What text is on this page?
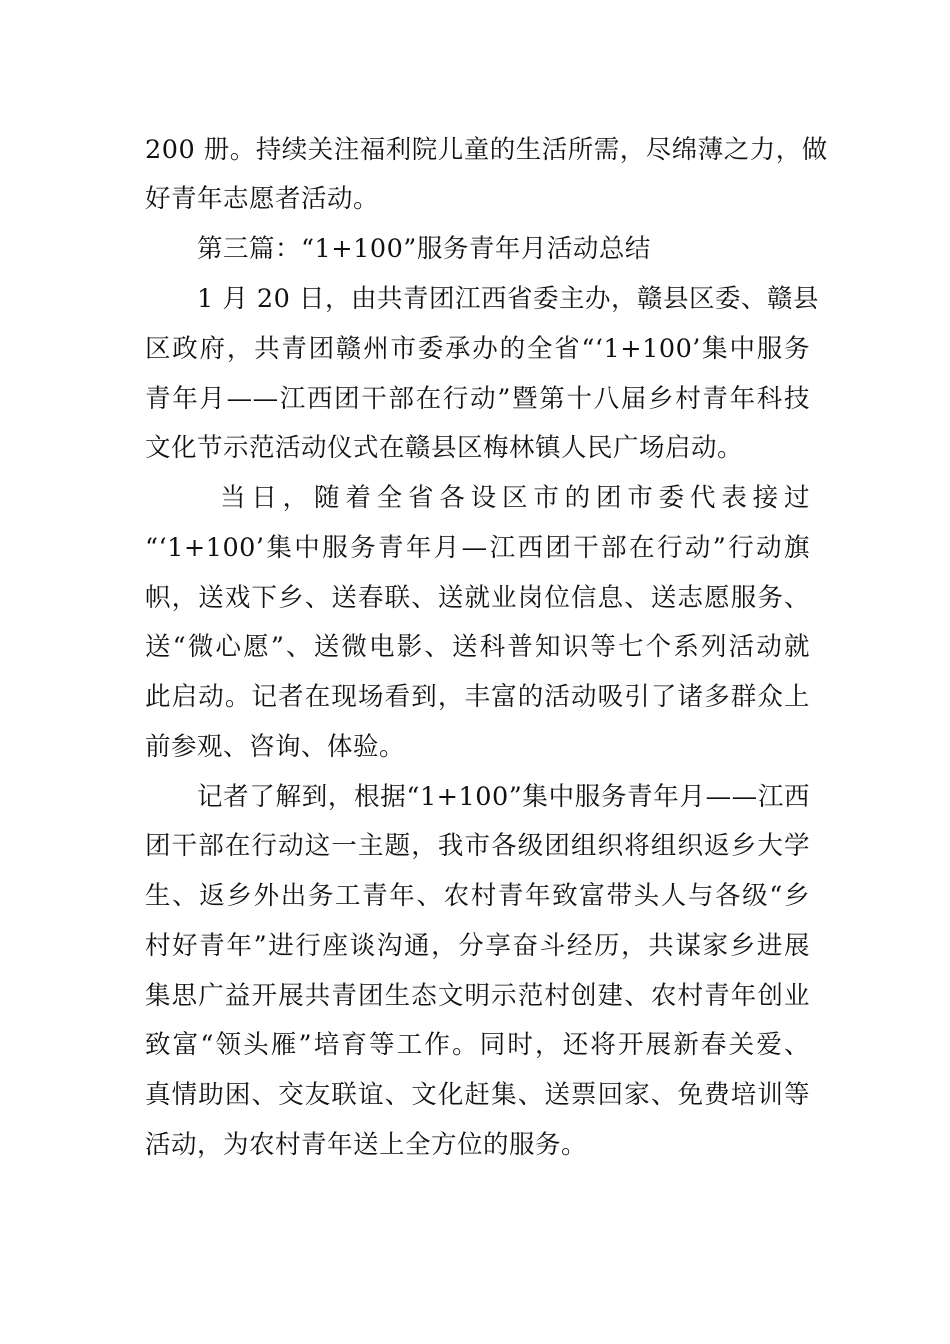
200 册。持续关注福利院儿童的生活所需，尽绵薄之力，做
好青年志愿者活动。
第三篇：“1+100”服务青年月活动总结
1 月 20 日，由共青团江西省委主办，赣县区委、赣县
区政府，共青团赣州市委承办的全省“‘1+100’集中服务
青年月——江西团干部在行动”暨第十八届乡村青年科技
文化节示范活动仪式在赣县区梅林镇人民广场启动。
当日，随着全省各设区市的团市委代表接过
“‘1+100’集中服务青年月—江西团干部在行动”行动旗
帜，送戏下乡、送春联、送就业岗位信息、送志愿服务、
送“微心愿”、送微电影、送科普知识等七个系列活动就
此启动。记者在现场看到，丰富的活动吸引了诸多群众上
前参观、咨询、体验。
记者了解到，根据“1+100”集中服务青年月——江西
团干部在行动这一主题，我市各级团组织将组织返乡大学
生、返乡外出务工青年、农村青年致富带头人与各级“乡
村好青年”进行座谈沟通，分享奋斗经历，共谋家乡进展
集思广益开展共青团生态文明示范村创建、农村青年创业
致富“领头雁”培育等工作。同时，还将开展新春关爱、
真情助困、交友联谊、文化赶集、送票回家、免费培训等
活动，为农村青年送上全方位的服务。
